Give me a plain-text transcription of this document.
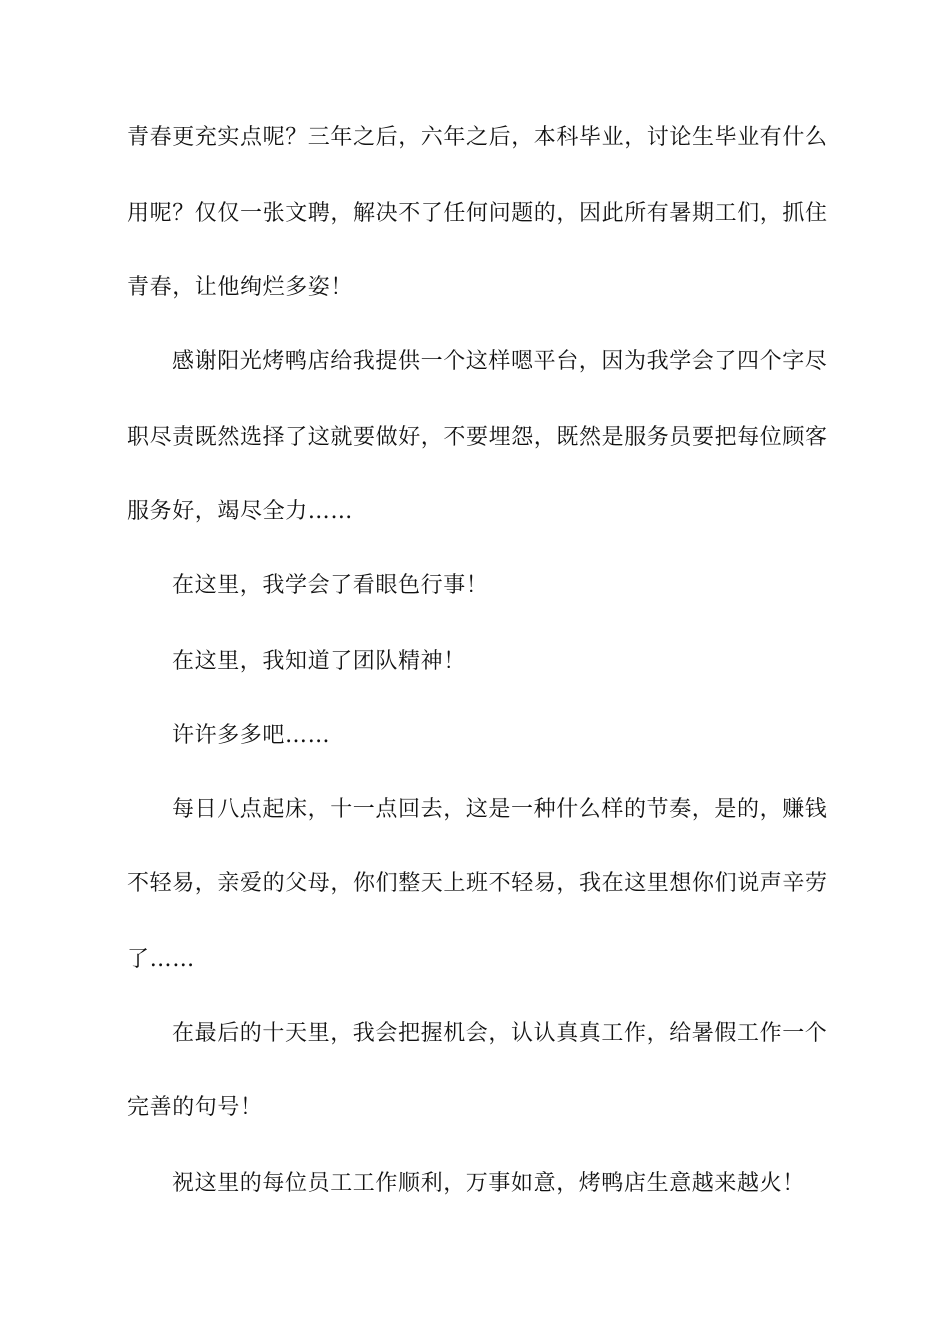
青春更充实点呢？三年之后，六年之后，本科毕业，讨论生毕业有什么
用呢？仅仅一张文聘，解决不了任何问题的，因此所有暑期工们，抓住
青春，让他绚烂多姿！
感谢阳光烤鸭店给我提供一个这样嗯平台，因为我学会了四个字尽
职尽责既然选择了这就要做好，不要埋怨，既然是服务员要把每位顾客
服务好，竭尽全力……
在这里，我学会了看眼色行事！
在这里，我知道了团队精神！
许许多多吧……
每日八点起床，十一点回去，这是一种什么样的节奏，是的，赚钱
不轻易，亲爱的父母，你们整天上班不轻易，我在这里想你们说声辛劳
了……
在最后的十天里，我会把握机会，认认真真工作，给暑假工作一个
完善的句号！
祝这里的每位员工工作顺利，万事如意，烤鸭店生意越来越火！
